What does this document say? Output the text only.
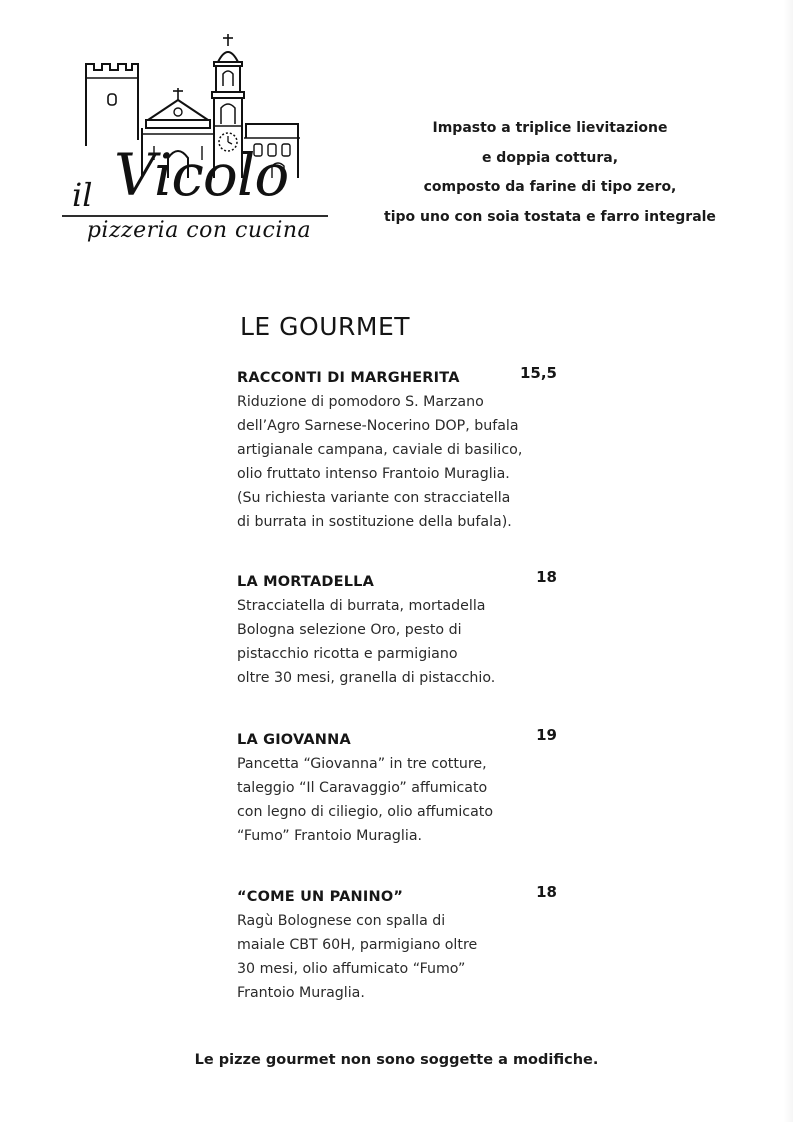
il Vicolo
pizzeria con cucina
Impasto a triplice lievitazione
e doppia cottura,
composto da farine di tipo zero,
tipo uno con soia tostata e farro integrale
LE GOURMET
RACCONTI DI MARGHERITA	15,5
Riduzione di pomodoro S. Marzano
dell’Agro Sarnese-Nocerino DOP, bufala
artigianale campana, caviale di basilico,
olio fruttato intenso Frantoio Muraglia.
(Su richiesta variante con stracciatella
di burrata in sostituzione della bufala).
LA MORTADELLA	18
Stracciatella di burrata, mortadella
Bologna selezione Oro, pesto di
pistacchio ricotta e parmigiano
oltre 30 mesi, granella di pistacchio.
LA GIOVANNA	19
Pancetta “Giovanna” in tre cotture,
taleggio “Il Caravaggio” affumicato
con legno di ciliegio, olio affumicato
“Fumo” Frantoio Muraglia.
“COME UN PANINO”	18
Ragù Bolognese con spalla di
maiale CBT 60H, parmigiano oltre
30 mesi, olio affumicato “Fumo”
Frantoio Muraglia.
Le pizze gourmet non sono soggette a modifiche.
